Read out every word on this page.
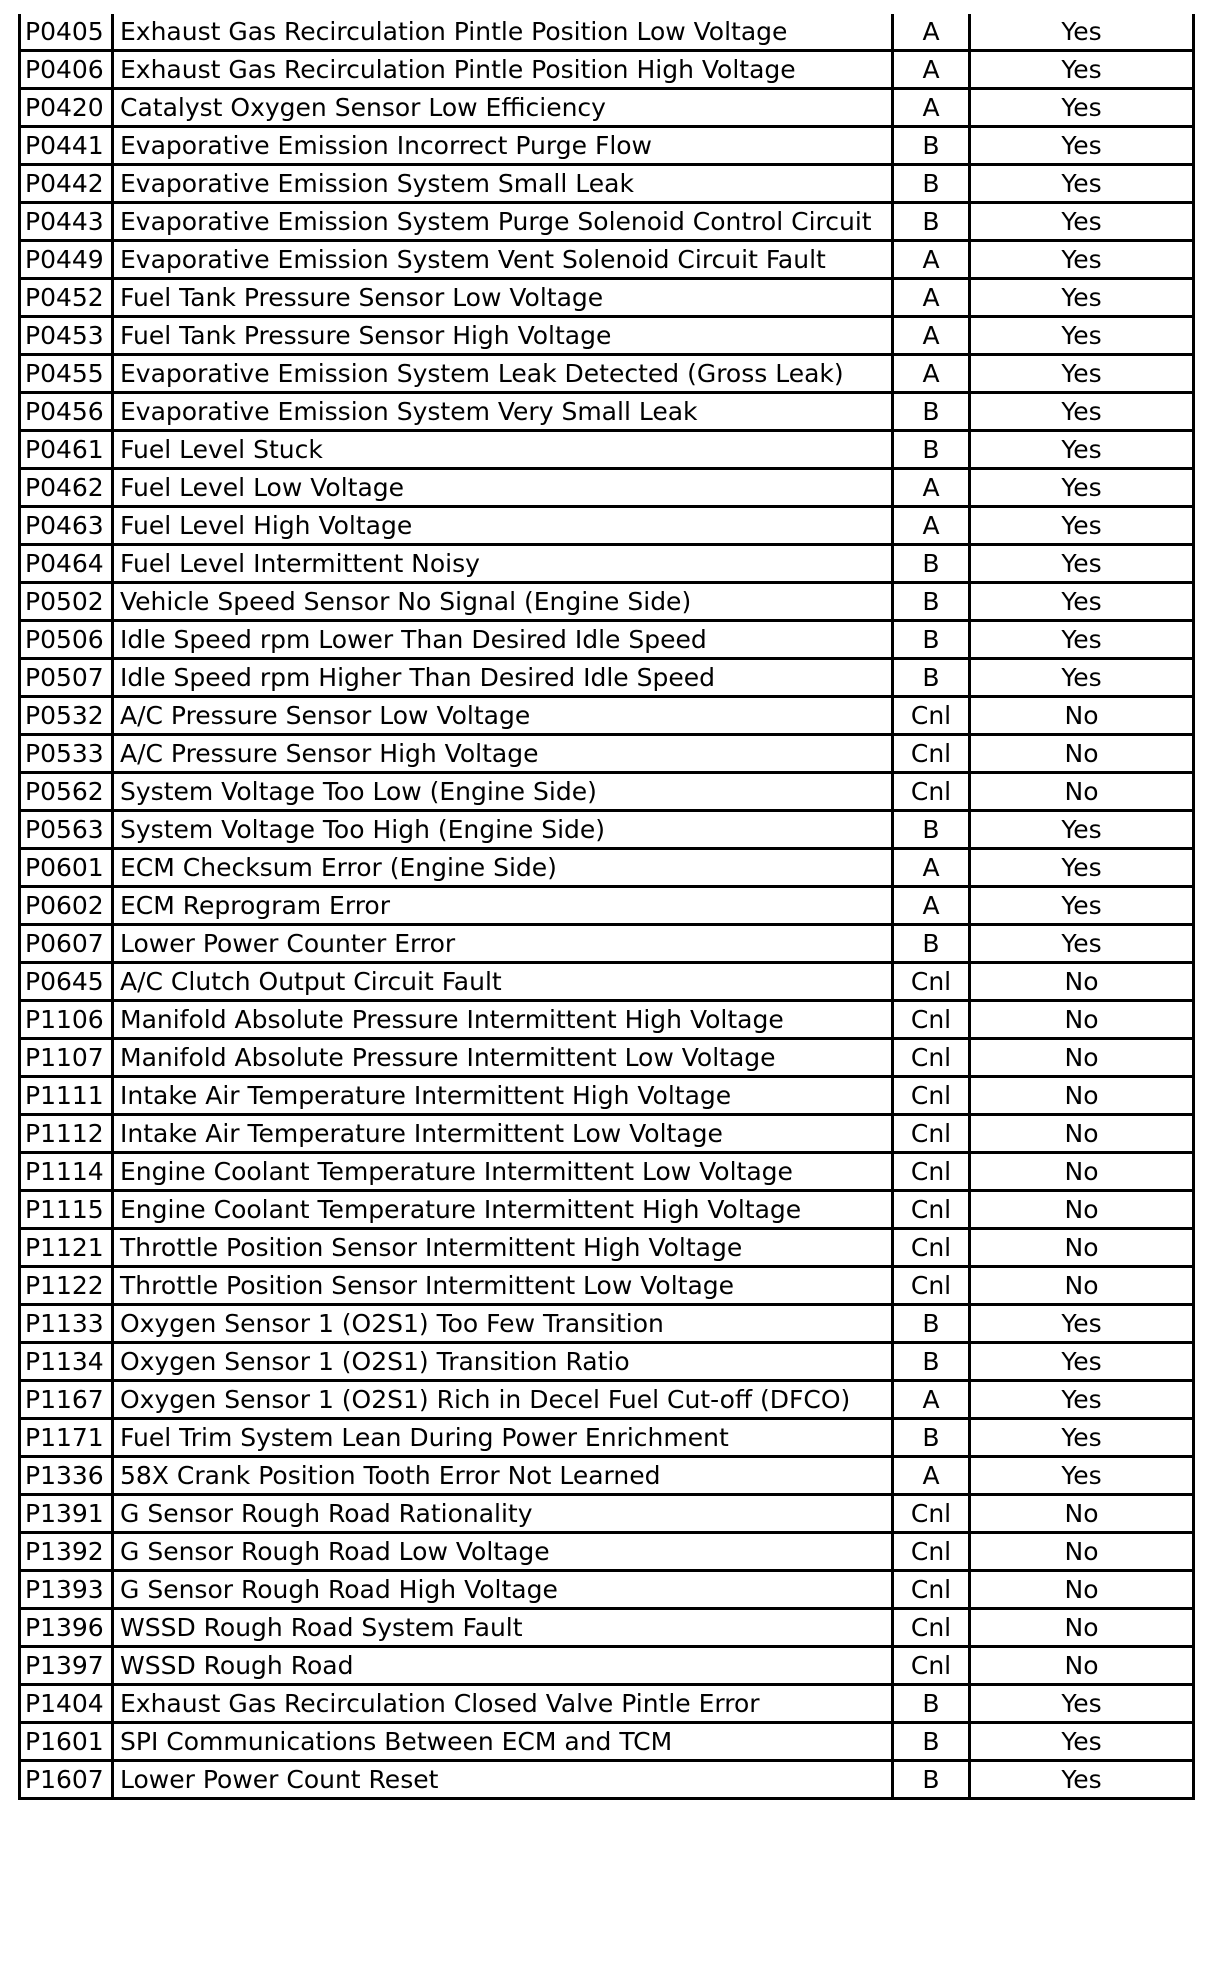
P0405	Exhaust Gas Recirculation Pintle Position Low Voltage	A	Yes
P0406	Exhaust Gas Recirculation Pintle Position High Voltage	A	Yes
P0420	Catalyst Oxygen Sensor Low Efficiency	A	Yes
P0441	Evaporative Emission Incorrect Purge Flow	B	Yes
P0442	Evaporative Emission System Small Leak	B	Yes
P0443	Evaporative Emission System Purge Solenoid Control Circuit	B	Yes
P0449	Evaporative Emission System Vent Solenoid Circuit Fault	A	Yes
P0452	Fuel Tank Pressure Sensor Low Voltage	A	Yes
P0453	Fuel Tank Pressure Sensor High Voltage	A	Yes
P0455	Evaporative Emission System Leak Detected (Gross Leak)	A	Yes
P0456	Evaporative Emission System Very Small Leak	B	Yes
P0461	Fuel Level Stuck	B	Yes
P0462	Fuel Level Low Voltage	A	Yes
P0463	Fuel Level High Voltage	A	Yes
P0464	Fuel Level Intermittent Noisy	B	Yes
P0502	Vehicle Speed Sensor No Signal (Engine Side)	B	Yes
P0506	Idle Speed rpm Lower Than Desired Idle Speed	B	Yes
P0507	Idle Speed rpm Higher Than Desired Idle Speed	B	Yes
P0532	A/C Pressure Sensor Low Voltage	Cnl	No
P0533	A/C Pressure Sensor High Voltage	Cnl	No
P0562	System Voltage Too Low (Engine Side)	Cnl	No
P0563	System Voltage Too High (Engine Side)	B	Yes
P0601	ECM Checksum Error (Engine Side)	A	Yes
P0602	ECM Reprogram Error	A	Yes
P0607	Lower Power Counter Error	B	Yes
P0645	A/C Clutch Output Circuit Fault	Cnl	No
P1106	Manifold Absolute Pressure Intermittent High Voltage	Cnl	No
P1107	Manifold Absolute Pressure Intermittent Low Voltage	Cnl	No
P1111	Intake Air Temperature Intermittent High Voltage	Cnl	No
P1112	Intake Air Temperature Intermittent Low Voltage	Cnl	No
P1114	Engine Coolant Temperature Intermittent Low Voltage	Cnl	No
P1115	Engine Coolant Temperature Intermittent High Voltage	Cnl	No
P1121	Throttle Position Sensor Intermittent High Voltage	Cnl	No
P1122	Throttle Position Sensor Intermittent Low Voltage	Cnl	No
P1133	Oxygen Sensor 1 (O2S1) Too Few Transition	B	Yes
P1134	Oxygen Sensor 1 (O2S1) Transition Ratio	B	Yes
P1167	Oxygen Sensor 1 (O2S1) Rich in Decel Fuel Cut-off (DFCO)	A	Yes
P1171	Fuel Trim System Lean During Power Enrichment	B	Yes
P1336	58X Crank Position Tooth Error Not Learned	A	Yes
P1391	G Sensor Rough Road Rationality	Cnl	No
P1392	G Sensor Rough Road Low Voltage	Cnl	No
P1393	G Sensor Rough Road High Voltage	Cnl	No
P1396	WSSD Rough Road System Fault	Cnl	No
P1397	WSSD Rough Road	Cnl	No
P1404	Exhaust Gas Recirculation Closed Valve Pintle Error	B	Yes
P1601	SPI Communications Between ECM and TCM	B	Yes
P1607	Lower Power Count Reset	B	Yes
